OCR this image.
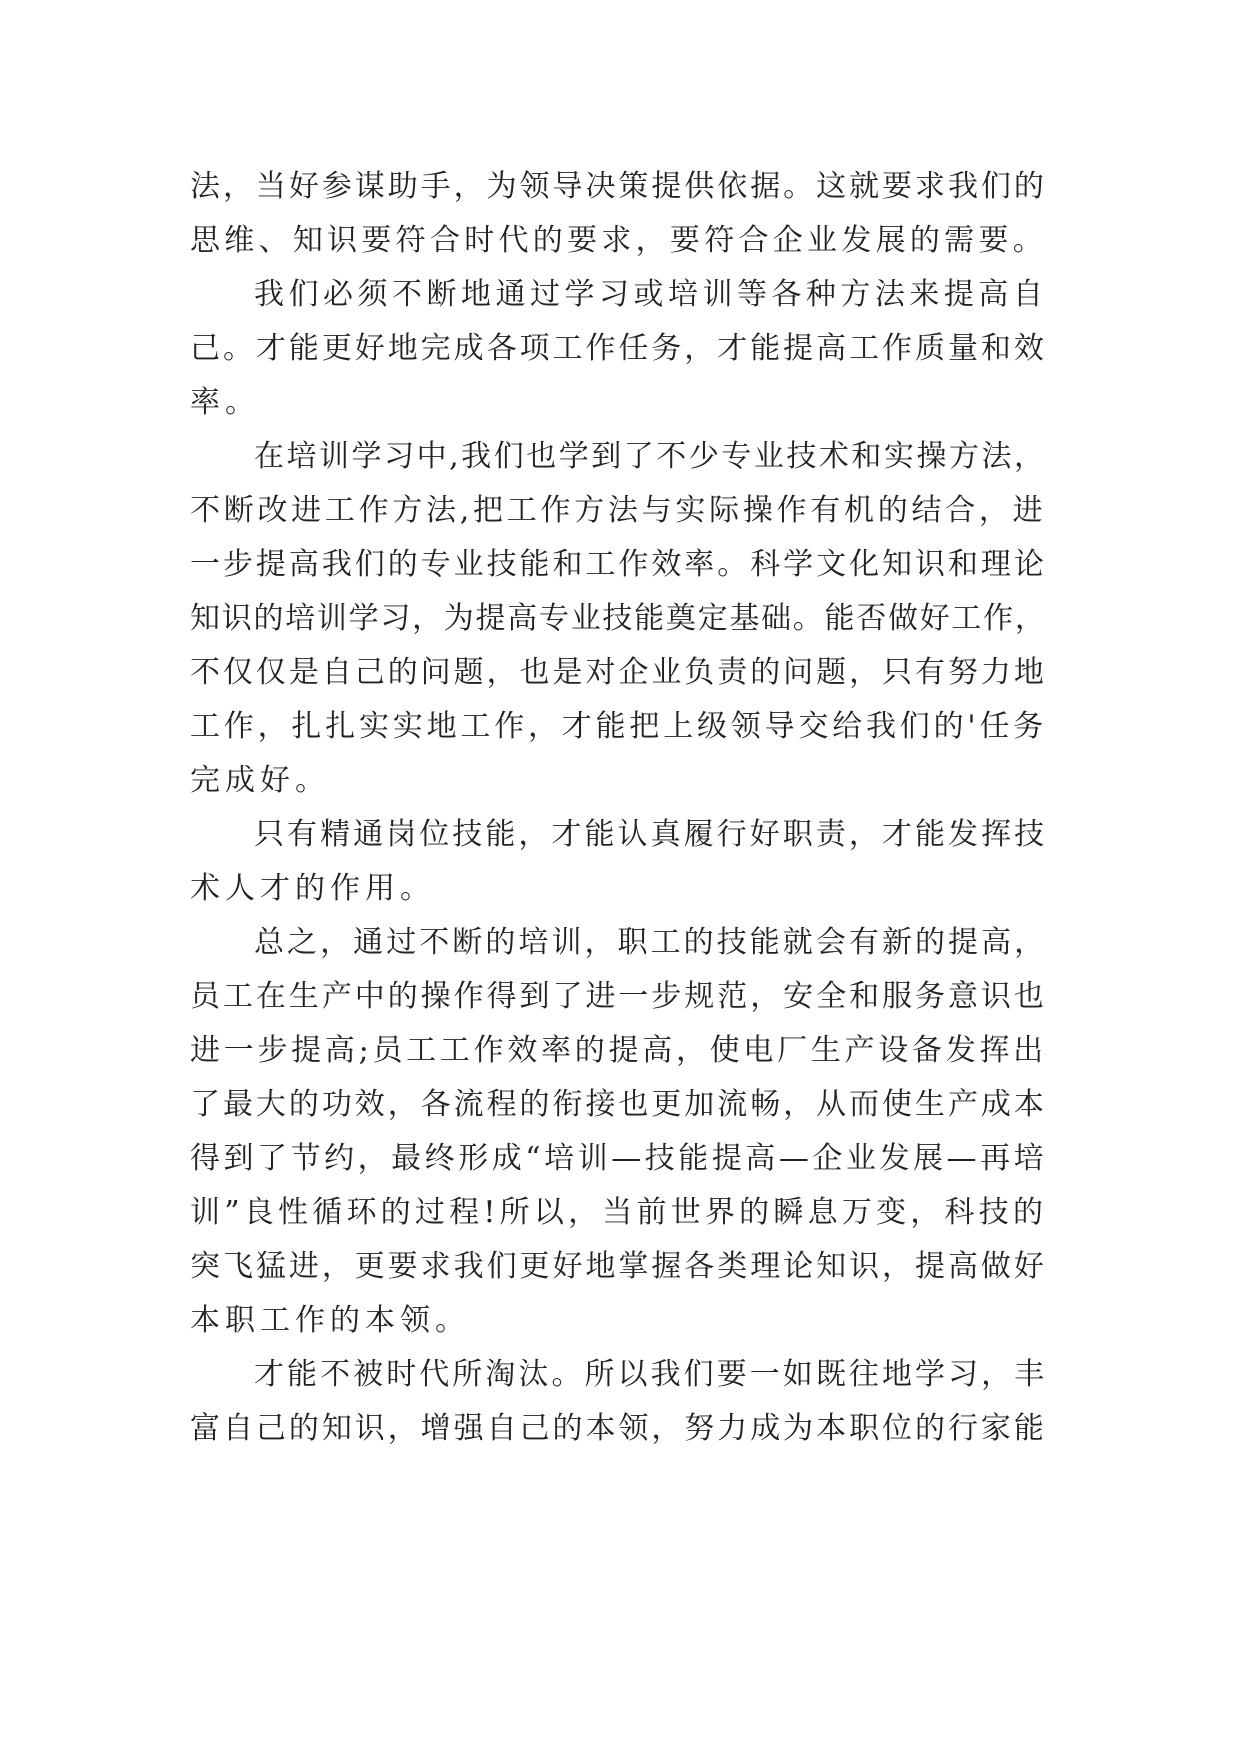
法，当好参谋助手，为领导决策提供依据。这就要求我们的
思维、知识要符合时代的要求，要符合企业发展的需要。
我们必须不断地通过学习或培训等各种方法来提高自
己。才能更好地完成各项工作任务，才能提高工作质量和效
率。
在培训学习中,我们也学到了不少专业技术和实操方法，
不断改进工作方法,把工作方法与实际操作有机的结合，进
一步提高我们的专业技能和工作效率。科学文化知识和理论
知识的培训学习，为提高专业技能奠定基础。能否做好工作，
不仅仅是自己的问题，也是对企业负责的问题，只有努力地
工作，扎扎实实地工作，才能把上级领导交给我们的'任务
完成好。
只有精通岗位技能，才能认真履行好职责，才能发挥技
术人才的作用。
总之，通过不断的培训，职工的技能就会有新的提高，
员工在生产中的操作得到了进一步规范，安全和服务意识也
进一步提高;员工工作效率的提高，使电厂生产设备发挥出
了最大的功效，各流程的衔接也更加流畅，从而使生产成本
得到了节约，最终形成“培训—技能提高—企业发展—再培
训”良性循环的过程!所以，当前世界的瞬息万变，科技的
突飞猛进，更要求我们更好地掌握各类理论知识，提高做好
本职工作的本领。
才能不被时代所淘汰。所以我们要一如既往地学习，丰
富自己的知识，增强自己的本领，努力成为本职位的行家能
